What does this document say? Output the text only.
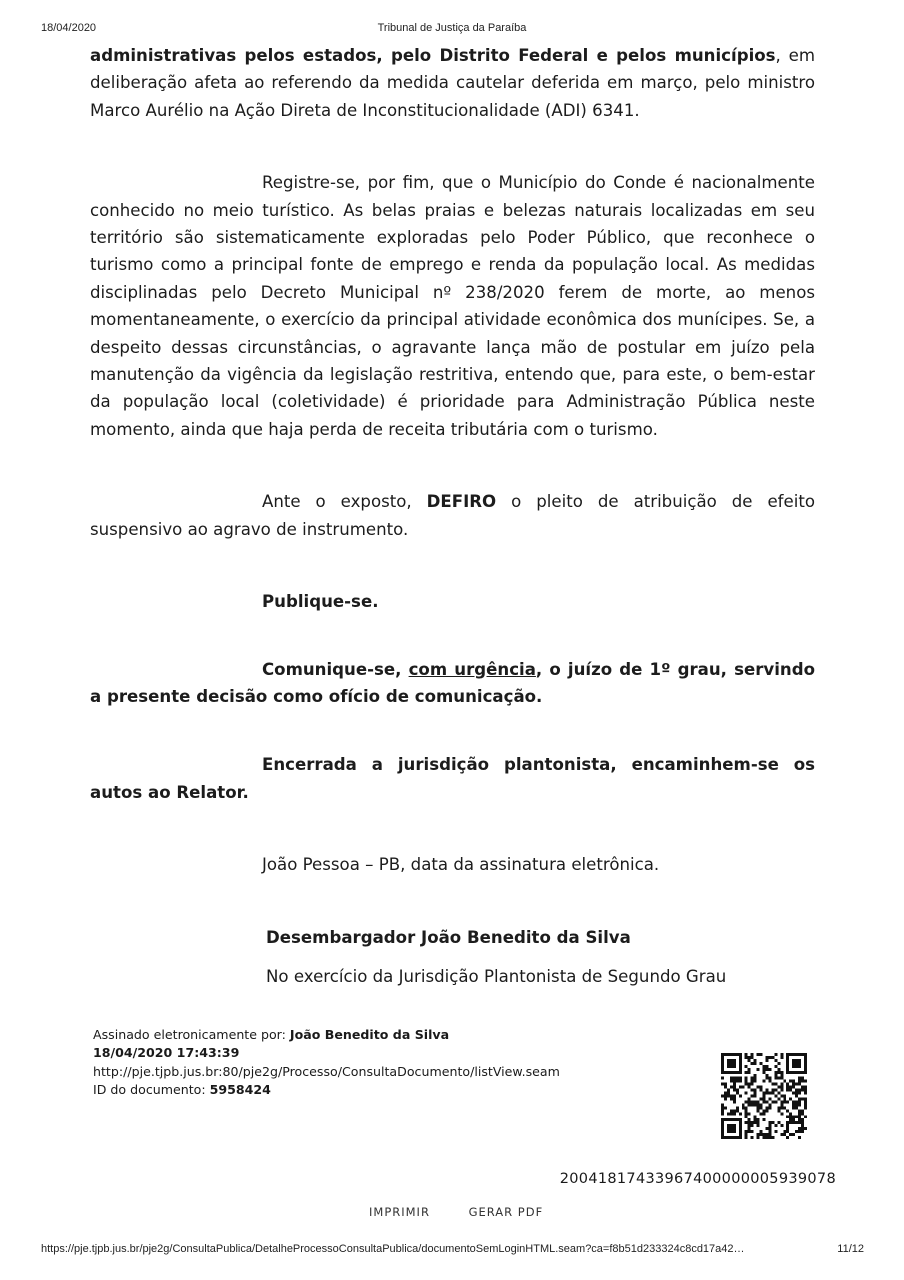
18/04/2020	Tribunal de Justiça da Paraíba

administrativas pelos estados, pelo Distrito Federal e pelos municípios, em deliberação afeta ao referendo da medida cautelar deferida em março, pelo ministro Marco Aurélio na Ação Direta de Inconstitucionalidade (ADI) 6341.

Registre-se, por fim, que o Município do Conde é nacionalmente conhecido no meio turístico. As belas praias e belezas naturais localizadas em seu território são sistematicamente exploradas pelo Poder Público, que reconhece o turismo como a principal fonte de emprego e renda da população local. As medidas disciplinadas pelo Decreto Municipal nº 238/2020 ferem de morte, ao menos momentaneamente, o exercício da principal atividade econômica dos munícipes. Se, a despeito dessas circunstâncias, o agravante lança mão de postular em juízo pela manutenção da vigência da legislação restritiva, entendo que, para este, o bem-estar da população local (coletividade) é prioridade para Administração Pública neste momento, ainda que haja perda de receita tributária com o turismo.

Ante o exposto, DEFIRO o pleito de atribuição de efeito suspensivo ao agravo de instrumento.

Publique-se.

Comunique-se, com urgência, o juízo de 1º grau, servindo a presente decisão como ofício de comunicação.

Encerrada a jurisdição plantonista, encaminhem-se os autos ao Relator.

João Pessoa – PB, data da assinatura eletrônica.

Desembargador João Benedito da Silva

No exercício da Jurisdição Plantonista de Segundo Grau

Assinado eletronicamente por: João Benedito da Silva
18/04/2020 17:43:39
http://pje.tjpb.jus.br:80/pje2g/Processo/ConsultaDocumento/listView.seam
ID do documento: 5958424
20041817433967400000005939078
IMPRIMIR	GERAR PDF
https://pje.tjpb.jus.br/pje2g/ConsultaPublica/DetalheProcessoConsultaPublica/documentoSemLoginHTML.seam?ca=f8b51d233324c8cd17a42…	11/12
